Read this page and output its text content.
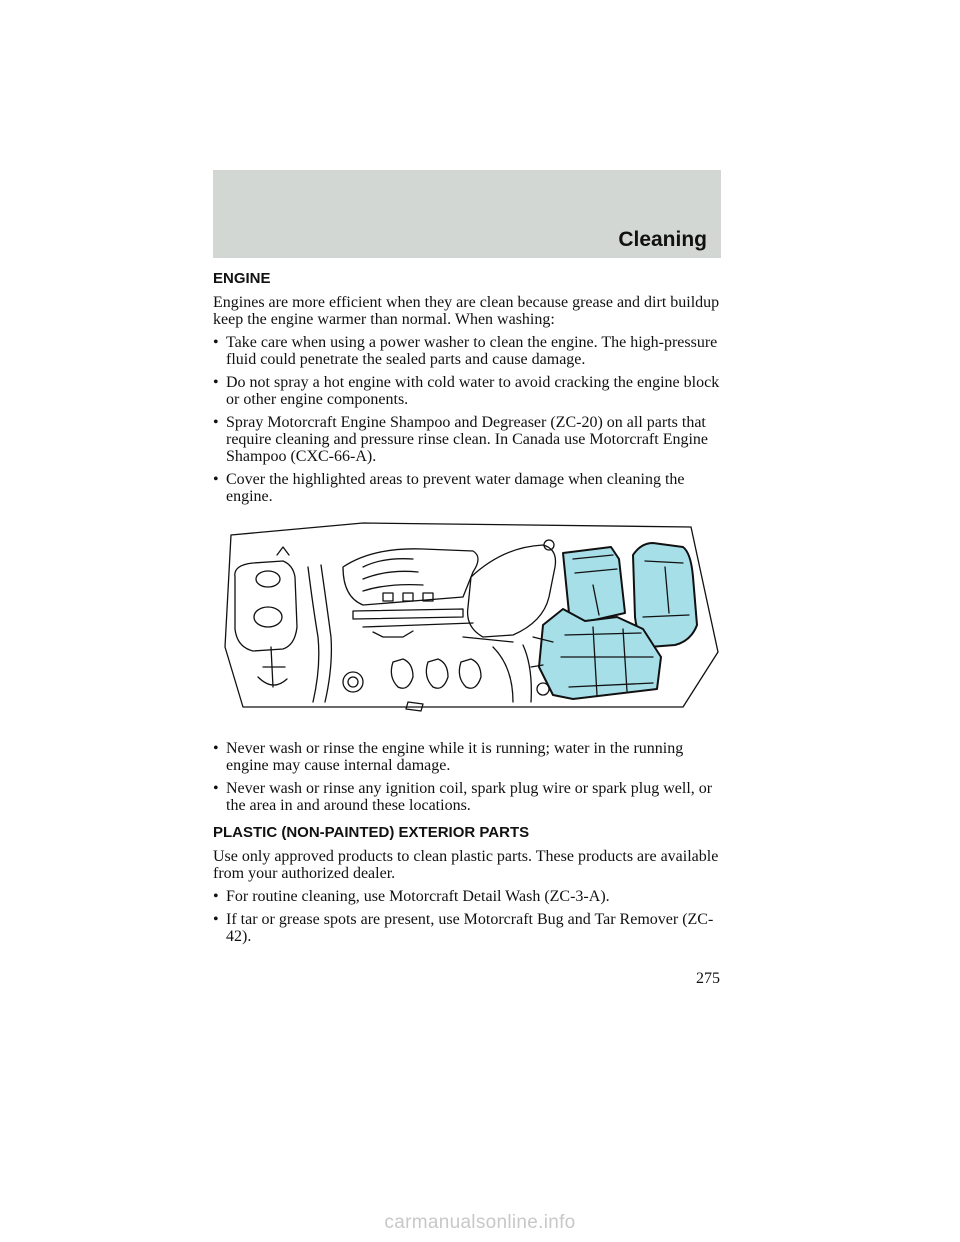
Cleaning
ENGINE
Engines are more efficient when they are clean because grease and dirt buildup keep the engine warmer than normal. When washing:
• Take care when using a power washer to clean the engine. The high-pressure fluid could penetrate the sealed parts and cause damage.
• Do not spray a hot engine with cold water to avoid cracking the engine block or other engine components.
• Spray Motorcraft Engine Shampoo and Degreaser (ZC-20) on all parts that require cleaning and pressure rinse clean. In Canada use Motorcraft Engine Shampoo (CXC-66-A).
• Cover the highlighted areas to prevent water damage when cleaning the engine.
• Never wash or rinse the engine while it is running; water in the running engine may cause internal damage.
• Never wash or rinse any ignition coil, spark plug wire or spark plug well, or the area in and around these locations.
PLASTIC (NON-PAINTED) EXTERIOR PARTS
Use only approved products to clean plastic parts. These products are available from your authorized dealer.
• For routine cleaning, use Motorcraft Detail Wash (ZC-3-A).
• If tar or grease spots are present, use Motorcraft Bug and Tar Remover (ZC-42).
275
carmanualsonline.info
